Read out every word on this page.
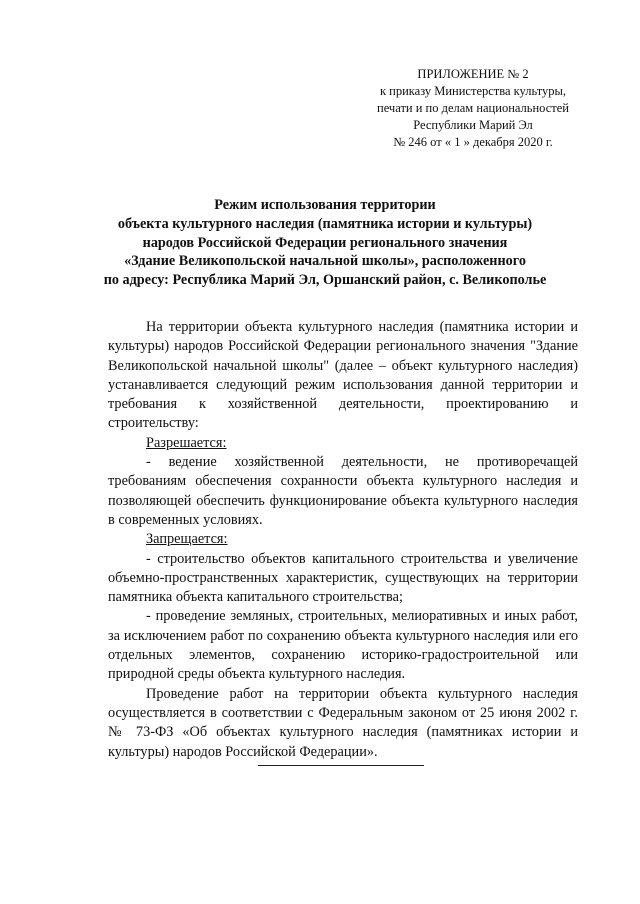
ПРИЛОЖЕНИЕ № 2
к приказу Министерства культуры,
печати и по делам национальностей
Республики Марий Эл
№ 246 от « 1 » декабря 2020 г.
Режим использования территории
объекта культурного наследия (памятника истории и культуры)
народов Российской Федерации регионального значения
«Здание Великопольской начальной школы», расположенного
по адресу: Республика Марий Эл, Оршанский район, с. Великополье

На территории объекта культурного наследия (памятника истории и культуры) народов Российской Федерации регионального значения "Здание Великопольской начальной школы" (далее – объект культурного наследия) устанавливается следующий режим использования данной территории и требования к хозяйственной деятельности, проектированию и строительству:

Разрешается:

- ведение хозяйственной деятельности, не противоречащей требованиям обеспечения сохранности объекта культурного наследия и позволяющей обеспечить функционирование объекта культурного наследия в современных условиях.

Запрещается:

- строительство объектов капитального строительства и увеличение объемно-пространственных характеристик, существующих на территории памятника объекта капитального строительства;

- проведение земляных, строительных, мелиоративных и иных работ, за исключением работ по сохранению объекта культурного наследия или его отдельных элементов, сохранению историко-градостроительной или природной среды объекта культурного наследия.

Проведение работ на территории объекта культурного наследия осуществляется в соответствии с Федеральным законом от 25 июня 2002 г. № 73-ФЗ «Об объектах культурного наследия (памятниках истории и культуры) народов Российской Федерации».
